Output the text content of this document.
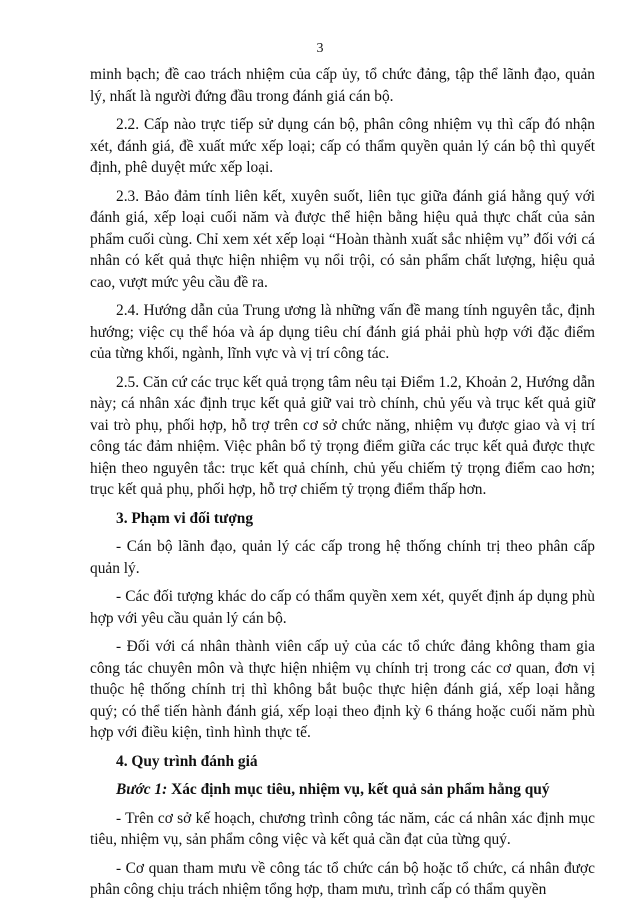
3

minh bạch; đề cao trách nhiệm của cấp ủy, tổ chức đảng, tập thể lãnh đạo, quản lý, nhất là người đứng đầu trong đánh giá cán bộ.

2.2. Cấp nào trực tiếp sử dụng cán bộ, phân công nhiệm vụ thì cấp đó nhận xét, đánh giá, đề xuất mức xếp loại; cấp có thẩm quyền quản lý cán bộ thì quyết định, phê duyệt mức xếp loại.

2.3. Bảo đảm tính liên kết, xuyên suốt, liên tục giữa đánh giá hằng quý với đánh giá, xếp loại cuối năm và được thể hiện bằng hiệu quả thực chất của sản phẩm cuối cùng. Chỉ xem xét xếp loại “Hoàn thành xuất sắc nhiệm vụ” đối với cá nhân có kết quả thực hiện nhiệm vụ nổi trội, có sản phẩm chất lượng, hiệu quả cao, vượt mức yêu cầu đề ra.

2.4. Hướng dẫn của Trung ương là những vấn đề mang tính nguyên tắc, định hướng; việc cụ thể hóa và áp dụng tiêu chí đánh giá phải phù hợp với đặc điểm của từng khối, ngành, lĩnh vực và vị trí công tác.

2.5. Căn cứ các trục kết quả trọng tâm nêu tại Điểm 1.2, Khoản 2, Hướng dẫn này; cá nhân xác định trục kết quả giữ vai trò chính, chủ yếu và trục kết quả giữ vai trò phụ, phối hợp, hỗ trợ trên cơ sở chức năng, nhiệm vụ được giao và vị trí công tác đảm nhiệm. Việc phân bổ tỷ trọng điểm giữa các trục kết quả được thực hiện theo nguyên tắc: trục kết quả chính, chủ yếu chiếm tỷ trọng điểm cao hơn; trục kết quả phụ, phối hợp, hỗ trợ chiếm tỷ trọng điểm thấp hơn.

3. Phạm vi đối tượng

- Cán bộ lãnh đạo, quản lý các cấp trong hệ thống chính trị theo phân cấp quản lý.

- Các đối tượng khác do cấp có thẩm quyền xem xét, quyết định áp dụng phù hợp với yêu cầu quản lý cán bộ.

- Đối với cá nhân thành viên cấp uỷ của các tổ chức đảng không tham gia công tác chuyên môn và thực hiện nhiệm vụ chính trị trong các cơ quan, đơn vị thuộc hệ thống chính trị thì không bắt buộc thực hiện đánh giá, xếp loại hằng quý; có thể tiến hành đánh giá, xếp loại theo định kỳ 6 tháng hoặc cuối năm phù hợp với điều kiện, tình hình thực tế.

4. Quy trình đánh giá

Bước 1: Xác định mục tiêu, nhiệm vụ, kết quả sản phẩm hằng quý

- Trên cơ sở kế hoạch, chương trình công tác năm, các cá nhân xác định mục tiêu, nhiệm vụ, sản phẩm công việc và kết quả cần đạt của từng quý.

- Cơ quan tham mưu về công tác tổ chức cán bộ hoặc tổ chức, cá nhân được phân công chịu trách nhiệm tổng hợp, tham mưu, trình cấp có thẩm quyền
